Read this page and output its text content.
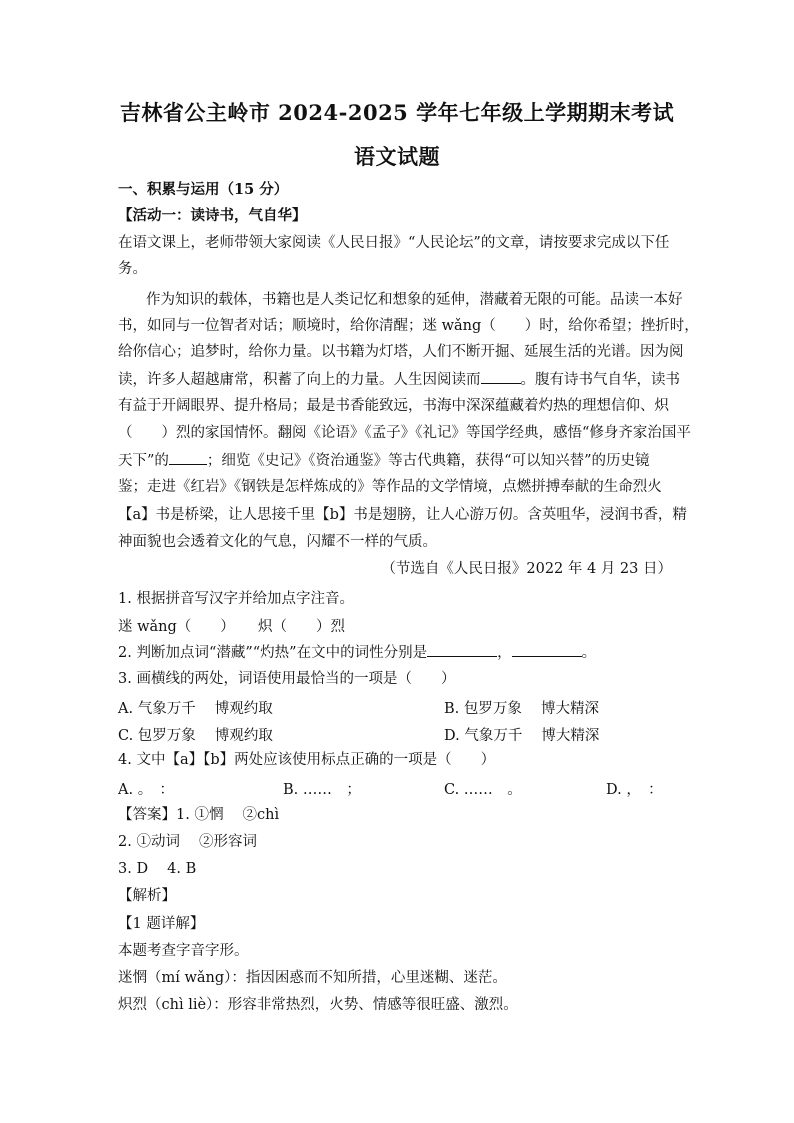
吉林省公主岭市 2024-2025 学年七年级上学期期末考试
语文试题
一、积累与运用（15 分）
【活动一：读诗书，气自华】
在语文课上，老师带领大家阅读《人民日报》“人民论坛”的文章，请按要求完成以下任
务。
作为知识的载体，书籍也是人类记忆和想象的延伸，潜藏着无限的可能。品读一本好
书，如同与一位智者对话；顺境时，给你清醒；迷 wǎng（　　）时，给你希望；挫折时，
给你信心；追梦时，给你力量。以书籍为灯塔，人们不断开掘、延展生活的光谱。因为阅
读，许多人超越庸常，积蓄了向上的力量。人生因阅读而	。腹有诗书气自华，读书
有益于开阔眼界、提升格局；最是书香能致远，书海中深深蕴藏着灼热的理想信仰、炽
（　　）烈的家国情怀。翻阅《论语》《孟子》《礼记》等国学经典，感悟“修身齐家治国平
天下”的	；细览《史记》《资治通鉴》等古代典籍，获得“可以知兴替”的历史镜
鉴；走进《红岩》《钢铁是怎样炼成的》等作品的文学情境，点燃拼搏奉献的生命烈火
【a】书是桥梁，让人思接千里【b】书是翅膀，让人心游万仞。含英咀华，浸润书香，精
神面貌也会透着文化的气息，闪耀不一样的气质。
（节选自《人民日报》2022 年 4 月 23 日）
1. 根据拼音写汉字并给加点字注音。
迷 wǎng（　　） 炽（　　）烈
2. 判断加点词“潜藏”“灼热”在文中的词性分别是	，	。
3. 画横线的两处，词语使用最恰当的一项是（　　）
A. 气象万千　 博观约取	B. 包罗万象　 博大精深
C. 包罗万象　 博观约取	D. 气象万千　 博大精深
4. 文中【a】【b】两处应该使用标点正确的一项是（　　）
A. 。　：	B. ……　；	C. ……　。	D. ，　：
【答案】1. ①惘　 ②chì
2. ①动词　 ②形容词
3. D　 4. B
【解析】
【1 题详解】
本题考查字音字形。
迷惘（mí wǎng）：指因困惑而不知所措，心里迷糊、迷茫。
炽烈（chì liè）：形容非常热烈，火势、情感等很旺盛、激烈。
